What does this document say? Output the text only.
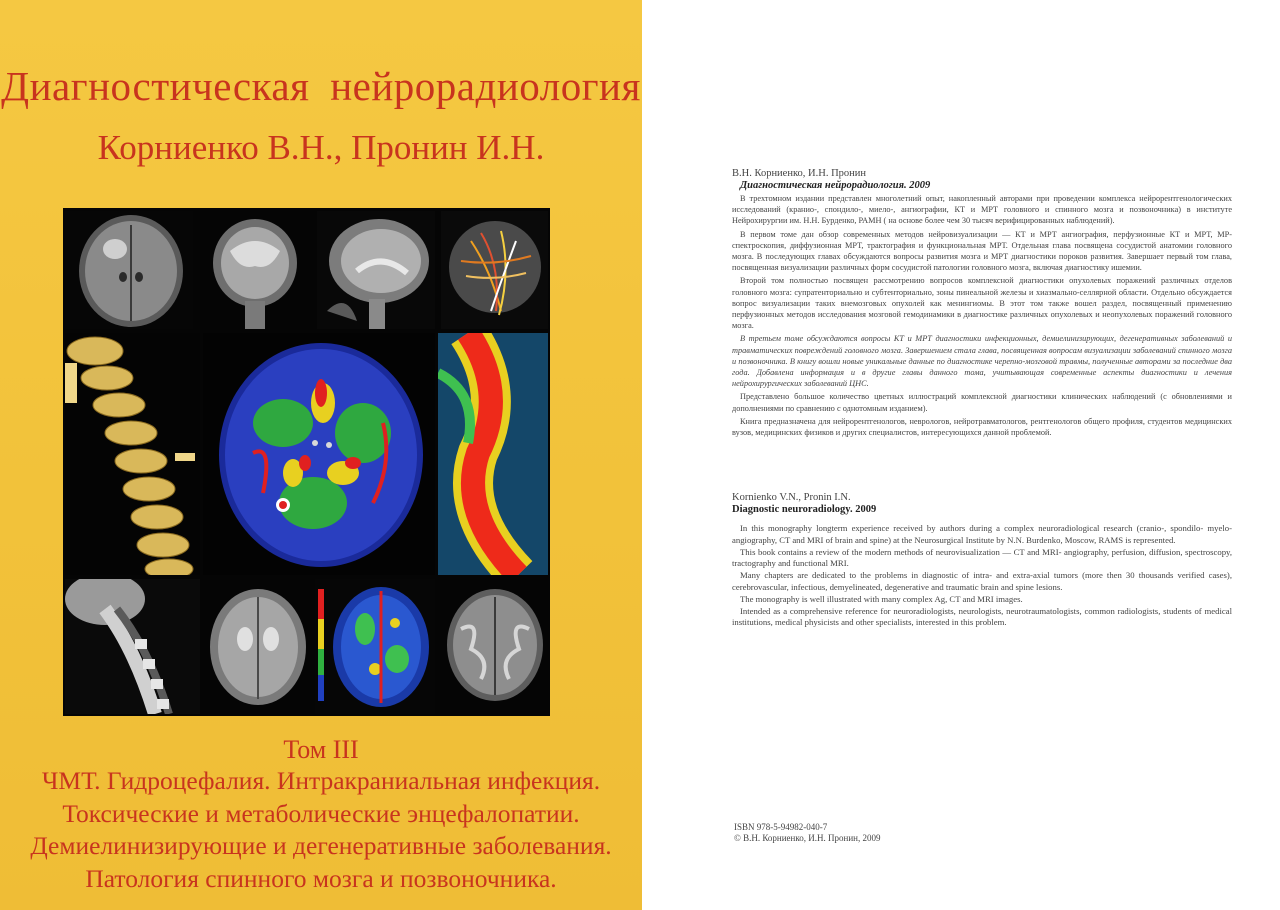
Диагностическая нейрорадиология
Корниенко В.Н., Пронин И.Н.
Том III
ЧМТ. Гидроцефалия. Интракраниальная инфекция.
Токсические и метаболические энцефалопатии.
Демиелинизирующие и дегенеративные заболевания.
Патология спинного мозга и позвоночника.
В.Н. Корниенко, И.Н. Пронин
Диагностическая нейрорадиология. 2009

В трехтомном издании представлен многолетний опыт, накопленный авторами при проведении комплекса нейрорентгенологических исследований (кранио-, спондило-, миело-, ангиографии, КТ и МРТ головного и спинного мозга и позвоночника) в институте Нейрохирургии им. Н.Н. Бурденко, РАМН ( на основе более чем 30 тысяч верифицированных наблюдений).

В первом томе дан обзор современных методов нейровизуализации — КТ и МРТ ангиография, перфузионные КТ и МРТ, МР-спектроскопия, диффузионная МРТ, трактография и функциональная МРТ. Отдельная глава посвящена сосудистой анатомии головного мозга. В последующих главах обсуждаются вопросы развития мозга и МРТ диагностики пороков развития. Завершает первый том глава, посвященная визуализации различных форм сосудистой патологии головного мозга, включая диагностику ишемии.

Второй том полностью посвящен рассмотрению вопросов комплексной диагностики опухолевых поражений различных отделов головного мозга: супратенториально и субтенториально, зоны пинеальной железы и хиазмально-селлярной области. Отдельно обсуждается вопрос визуализации таких внемозговых опухолей как менингиомы. В этот том также вошел раздел, посвященный применению перфузионных методов исследования мозговой гемодинамики в диагностике различных опухолевых и неопухолевых поражений головного мозга.

В третьем томе обсуждаются вопросы КТ и МРТ диагностики инфекционных, демиелинизирующих, дегенеративных заболеваний и травматических повреждений головного мозга. Завершением стала глава, посвященная вопросам визуализации заболеваний спинного мозга и позвоночника. В книгу вошли новые уникальные данные по диагностике черепно-мозговой травмы, полученные авторами за последние два года. Добавлена информация и в другие главы данного тома, учитывающая современные аспекты диагностики и лечения нейрохирургических заболеваний ЦНС.

Представлено большое количество цветных иллюстраций комплексной диагностики клинических наблюдений (с обновлениями и дополнениями по сравнению с однотомным изданием).

Книга предназначена для нейрорентгенологов, неврологов, нейротравматологов, рентгенологов общего профиля, студентов медицинских вузов, медицинских физиков и других специалистов, интересующихся данной проблемой.

Kornienko V.N., Pronin I.N.
Diagnostic neuroradiology. 2009

In this monography longterm experience received by authors during a complex neuroradiological research (cranio-, spondilo- myelo- angiography, CT and MRI of brain and spine) at the Neurosurgical Institute by N.N. Burdenko, Moscow, RAMS is represented.

This book contains a review of the modern methods of neurovisualization — CT and MRI- angiography, perfusion, diffusion, spectroscopy, tractography and functional MRI.

Many chapters are dedicated to the problems in diagnostic of intra- and extra-axial tumors (more then 30 thousands verified cases), cerebrovascular, infectious, demyelineated, degenerative and traumatic brain and spine lesions.

The monography is well illustrated with many complex Ag, CT and MRI images.

Intended as a comprehensive reference for neuroradiologists, neurologists, neurotraumatologists, common radiologists, students of medical institutions, medical physicists and other specialists, interested in this problem.

ISBN 978-5-94982-040-7
© В.Н. Корниенко, И.Н. Пронин, 2009
